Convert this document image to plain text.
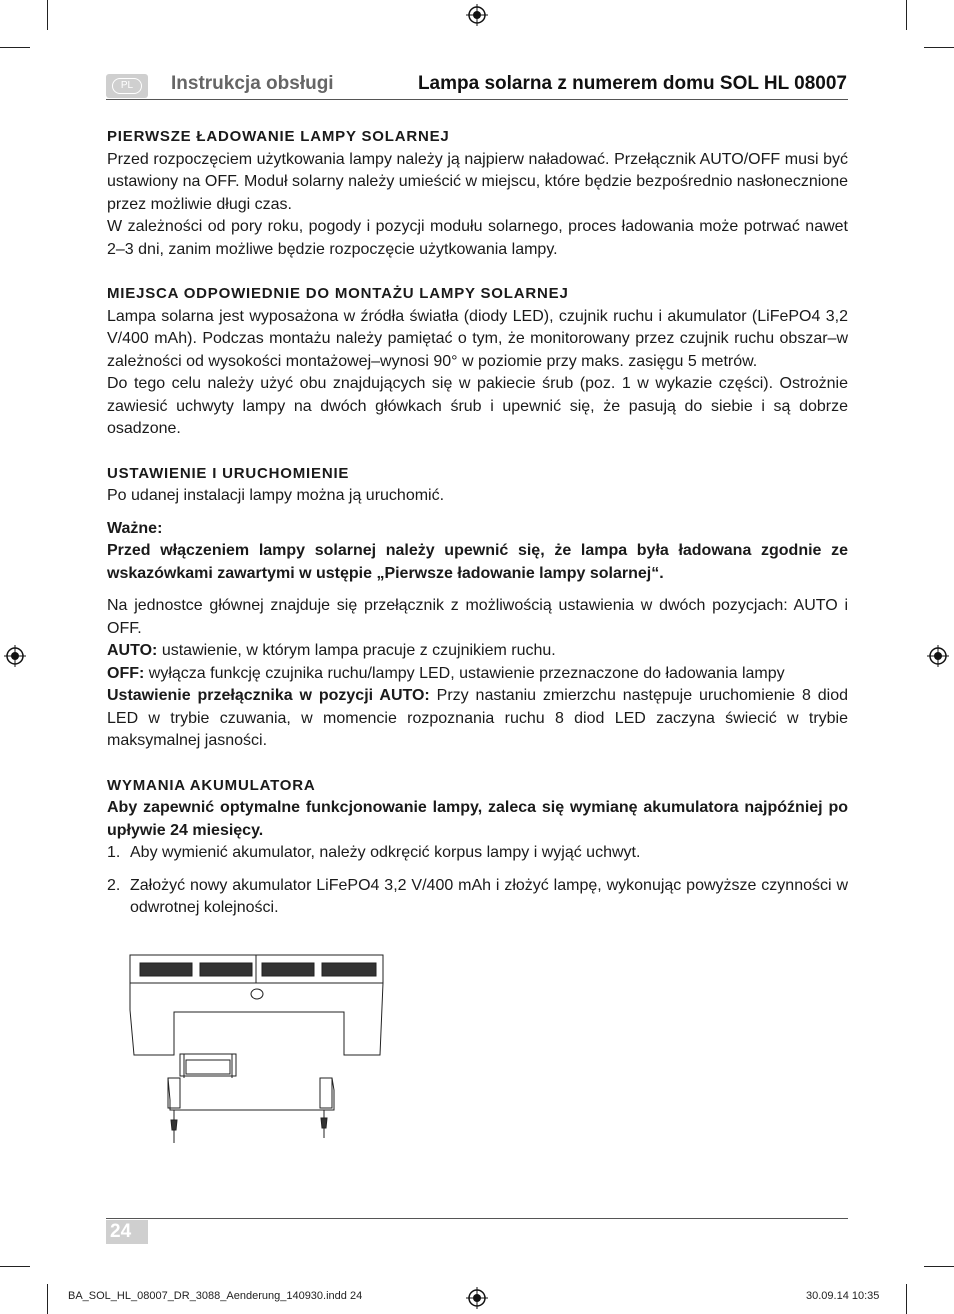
PL	Instrukcja obsługi	Lampa solarna z numerem domu SOL HL 08007

PIERWSZE ŁADOWANIE LAMPY SOLARNEJ

Przed rozpoczęciem użytkowania lampy należy ją najpierw naładować. Przełącznik AUTO/OFF musi być ustawiony na OFF. Moduł solarny należy umieścić w miejscu, które będzie bezpośrednio nasłonecznione przez możliwie długi czas.

W zależności od pory roku, pogody i pozycji modułu solarnego, proces ładowania może potrwać nawet 2–3 dni, zanim możliwe będzie rozpoczęcie użytkowania lampy.

MIEJSCA ODPOWIEDNIE DO MONTAŻU LAMPY SOLARNEJ

Lampa solarna jest wyposażona w źródła światła (diody LED), czujnik ruchu i akumulator (LiFePO4 3,2 V/400 mAh). Podczas montażu należy pamiętać o tym, że monitorowany przez czujnik ruchu obszar–w zależności od wysokości montażowej–wynosi 90° w poziomie przy maks. zasięgu 5 metrów.

Do tego celu należy użyć obu znajdujących się w pakiecie śrub (poz. 1 w wykazie części). Ostrożnie zawiesić uchwyty lampy na dwóch główkach śrub i upewnić się, że pasują do siebie i są dobrze osadzone.

USTAWIENIE I URUCHOMIENIE

Po udanej instalacji lampy można ją uruchomić.

Ważne:

Przed włączeniem lampy solarnej należy upewnić się, że lampa była ładowana zgodnie ze wskazówkami zawartymi w ustępie „Pierwsze ładowanie lampy solarnej“.

Na jednostce głównej znajduje się przełącznik z możliwością ustawienia w dwóch pozycjach: AUTO i OFF.

AUTO: ustawienie, w którym lampa pracuje z czujnikiem ruchu.

OFF: wyłącza funkcję czujnika ruchu/lampy LED, ustawienie przeznaczone do ładowania lampy

Ustawienie przełącznika w pozycji AUTO: Przy nastaniu zmierzchu następuje uruchomienie 8 diod LED w trybie czuwania, w momencie rozpoznania ruchu 8 diod LED zaczyna świecić w trybie maksymalnej jasności.

WYMANIA AKUMULATORA

Aby zapewnić optymalne funkcjonowanie lampy, zaleca się wymianę akumulatora najpóźniej po upływie 24 miesięcy.

1. Aby wymienić akumulator, należy odkręcić korpus lampy i wyjąć uchwyt.
2. Założyć nowy akumulator LiFePO4 3,2 V/400 mAh i złożyć lampę, wykonując powyższe czynności w odwrotnej kolejności.
24
BA_SOL_HL_08007_DR_3088_Aenderung_140930.indd 24	30.09.14 10:35
